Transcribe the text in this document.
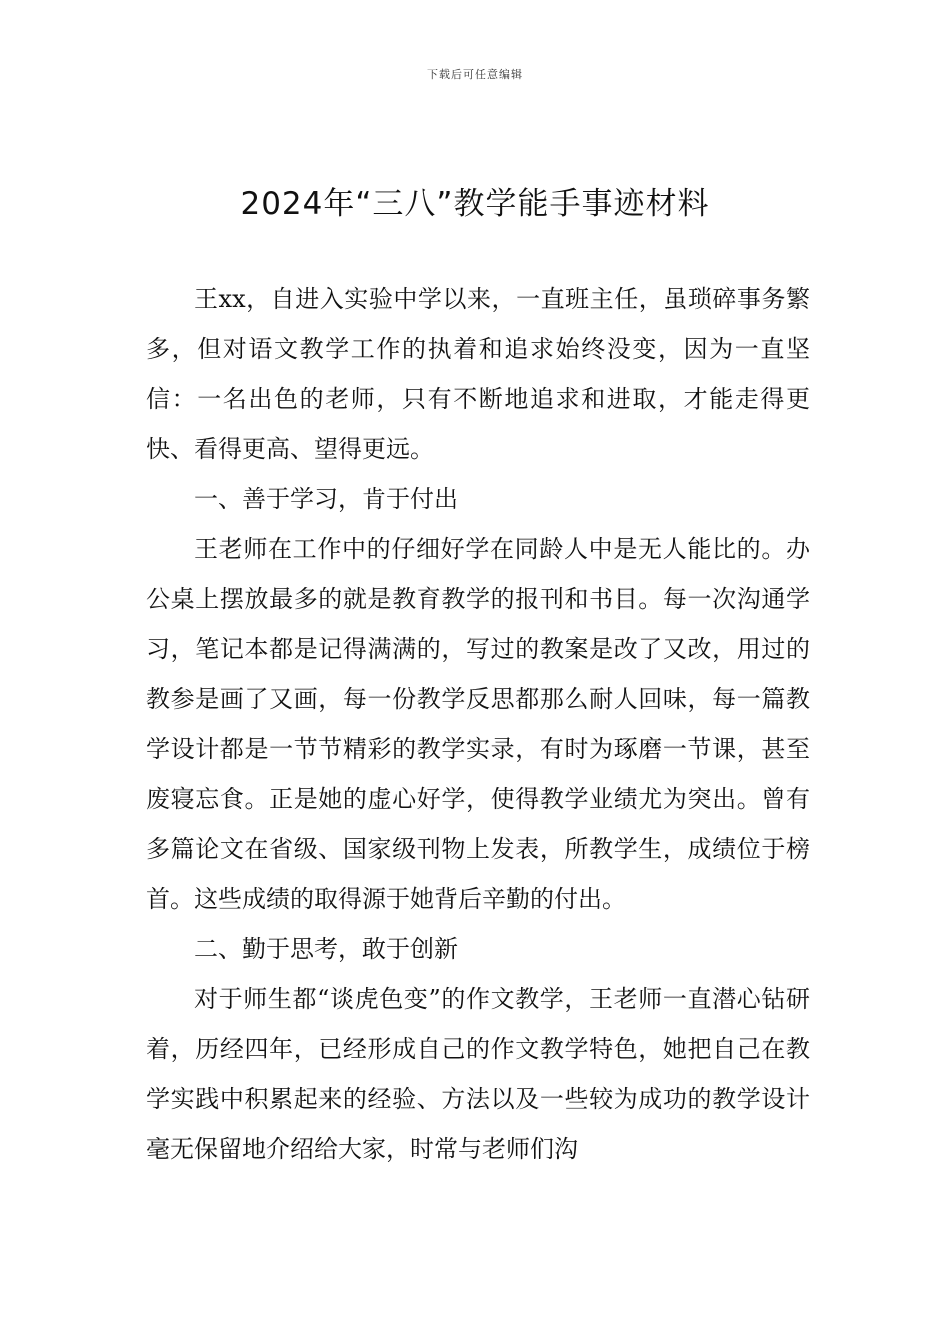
下载后可任意编辑
2024年“三八”教学能手事迹材料

王xx，自进入实验中学以来，一直班主任，虽琐碎事务繁多，但对语文教学工作的执着和追求始终没变，因为一直坚信：一名出色的老师，只有不断地追求和进取，才能走得更快、看得更高、望得更远。

一、善于学习，肯于付出

王老师在工作中的仔细好学在同龄人中是无人能比的。办公桌上摆放最多的就是教育教学的报刊和书目。每一次沟通学习，笔记本都是记得满满的，写过的教案是改了又改，用过的教参是画了又画，每一份教学反思都那么耐人回味，每一篇教学设计都是一节节精彩的教学实录，有时为琢磨一节课，甚至废寝忘食。正是她的虚心好学，使得教学业绩尤为突出。曾有多篇论文在省级、国家级刊物上发表，所教学生，成绩位于榜首。这些成绩的取得源于她背后辛勤的付出。

二、勤于思考，敢于创新

对于师生都“谈虎色变”的作文教学，王老师一直潜心钻研着，历经四年，已经形成自己的作文教学特色，她把自己在教学实践中积累起来的经验、方法以及一些较为成功的教学设计毫无保留地介绍给大家，时常与老师们沟
